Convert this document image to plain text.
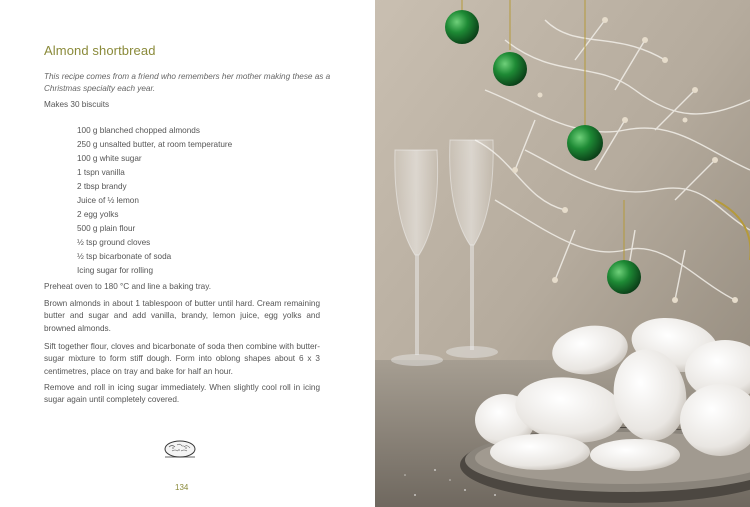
Almond shortbread
This recipe comes from a friend who remembers her mother making these as a Christmas specialty each year.
Makes 30 biscuits
100 g blanched chopped almonds
250 g unsalted butter, at room temperature
100 g white sugar
1 tspn vanilla
2 tbsp brandy
Juice of ½ lemon
2 egg yolks
500 g plain flour
½ tsp ground cloves
½ tsp bicarbonate of soda
Icing sugar for rolling
Preheat oven to 180 °C and line a baking tray.
Brown almonds in about 1 tablespoon of butter until hard. Cream remaining butter and sugar and add vanilla, brandy, lemon juice, egg yolks and browned almonds.
Sift together flour, cloves and bicarbonate of soda then combine with butter-sugar mixture to form stiff dough. Form into oblong shapes about 6 x 3 centimetres, place on tray and bake for half an hour.
Remove and roll in icing sugar immediately. When slightly cool roll in icing sugar again until completely covered.
134
